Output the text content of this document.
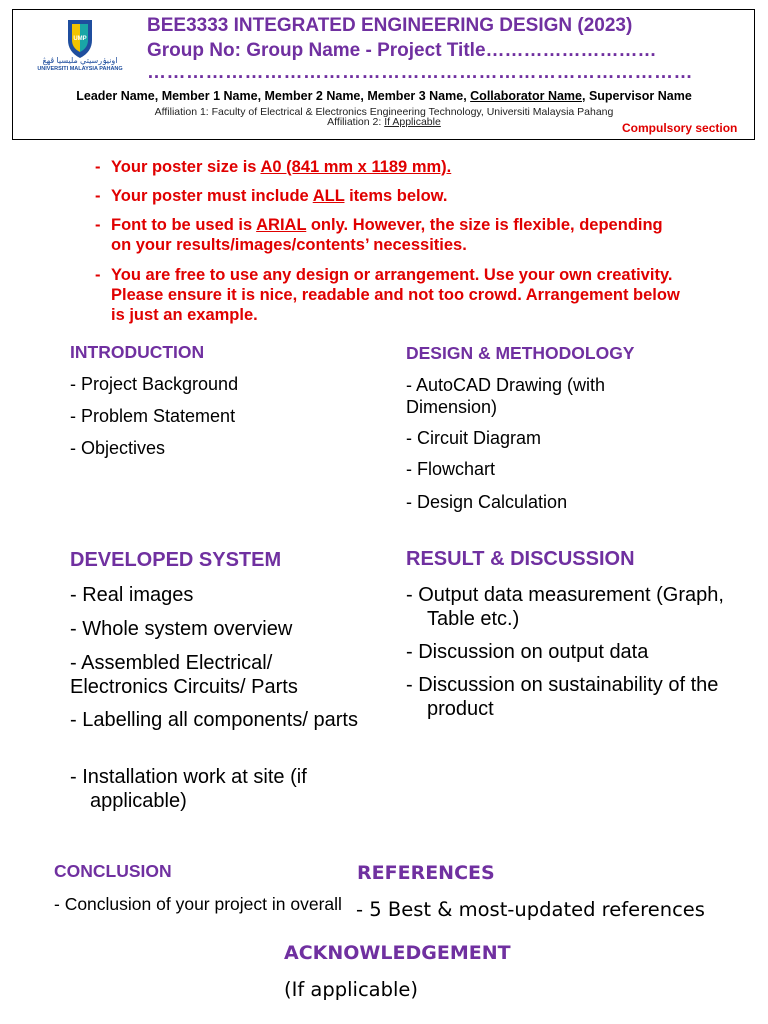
UMP
اونيۏرسيتي مليسيا ڤهڠ
UNIVERSITI MALAYSIA PAHANG
BEE3333 INTEGRATED ENGINEERING DESIGN (2023)
Group No: Group Name - Project Title………………………
…………………………………………………………………………
Leader Name, Member 1 Name, Member 2 Name, Member 3 Name, Collaborator Name, Supervisor Name
Affiliation 1: Faculty of Electrical & Electronics Engineering Technology, Universiti Malaysia Pahang
Affiliation 2: If Applicable	Compulsory section
- Your poster size is A0 (841 mm x 1189 mm).
- Your poster must include ALL items below.
- Font to be used is ARIAL only. However, the size is flexible, depending on your results/images/contents’ necessities.
- You are free to use any design or arrangement. Use your own creativity. Please ensure it is nice, readable and not too crowd. Arrangement below is just an example.
INTRODUCTION
- Project Background
- Problem Statement
- Objectives
DESIGN & METHODOLOGY
- AutoCAD Drawing (with Dimension)
- Circuit Diagram
- Flowchart
- Design Calculation
DEVELOPED SYSTEM
- Real images
- Whole system overview
- Assembled Electrical/ Electronics Circuits/ Parts
- Labelling all components/ parts
- Installation work at site (if applicable)
RESULT & DISCUSSION
- Output data measurement (Graph, Table etc.)
- Discussion on output data
- Discussion on sustainability of the product
CONCLUSION
- Conclusion of your project in overall
REFERENCES
- 5 Best & most-updated references
ACKNOWLEDGEMENT
(If applicable)
